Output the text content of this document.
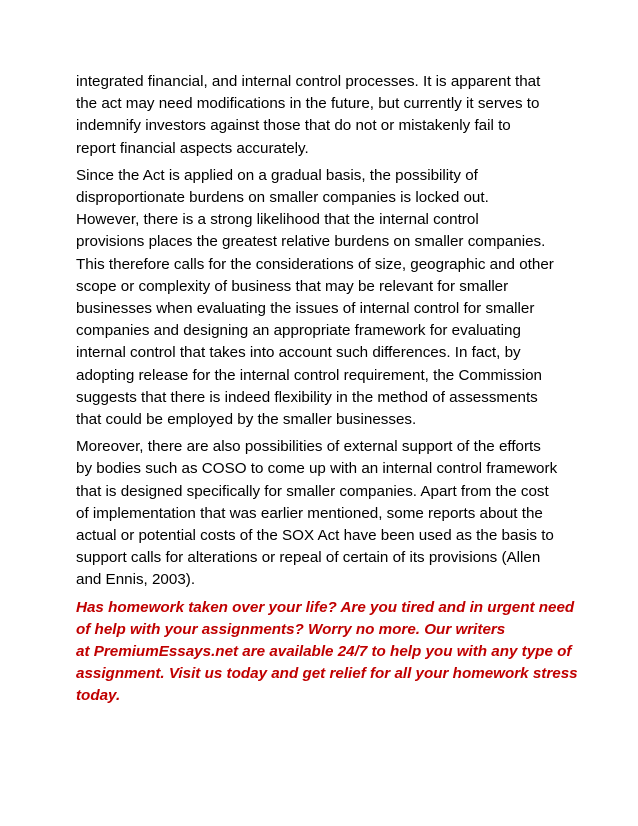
integrated financial, and internal control processes. It is apparent that
the act may need modifications in the future, but currently it serves to
indemnify investors against those that do not or mistakenly fail to
report financial aspects accurately.

Since the Act is applied on a gradual basis, the possibility of
disproportionate burdens on smaller companies is locked out.
However, there is a strong likelihood that the internal control
provisions places the greatest relative burdens on smaller companies.
This therefore calls for the considerations of size, geographic and other
scope or complexity of business that may be relevant for smaller
businesses when evaluating the issues of internal control for smaller
companies and designing an appropriate framework for evaluating
internal control that takes into account such differences. In fact, by
adopting release for the internal control requirement, the Commission
suggests that there is indeed flexibility in the method of assessments
that could be employed by the smaller businesses.

Moreover, there are also possibilities of external support of the efforts
by bodies such as COSO to come up with an internal control framework
that is designed specifically for smaller companies. Apart from the cost
of implementation that was earlier mentioned, some reports about the
actual or potential costs of the SOX Act have been used as the basis to
support calls for alterations or repeal of certain of its provisions (Allen
and Ennis, 2003).

Has homework taken over your life? Are you tired and in urgent need
of help with your assignments? Worry no more. Our writers
at PremiumEssays.net are available 24/7 to help you with any type of
assignment. Visit us today and get relief for all your homework stress
today.
